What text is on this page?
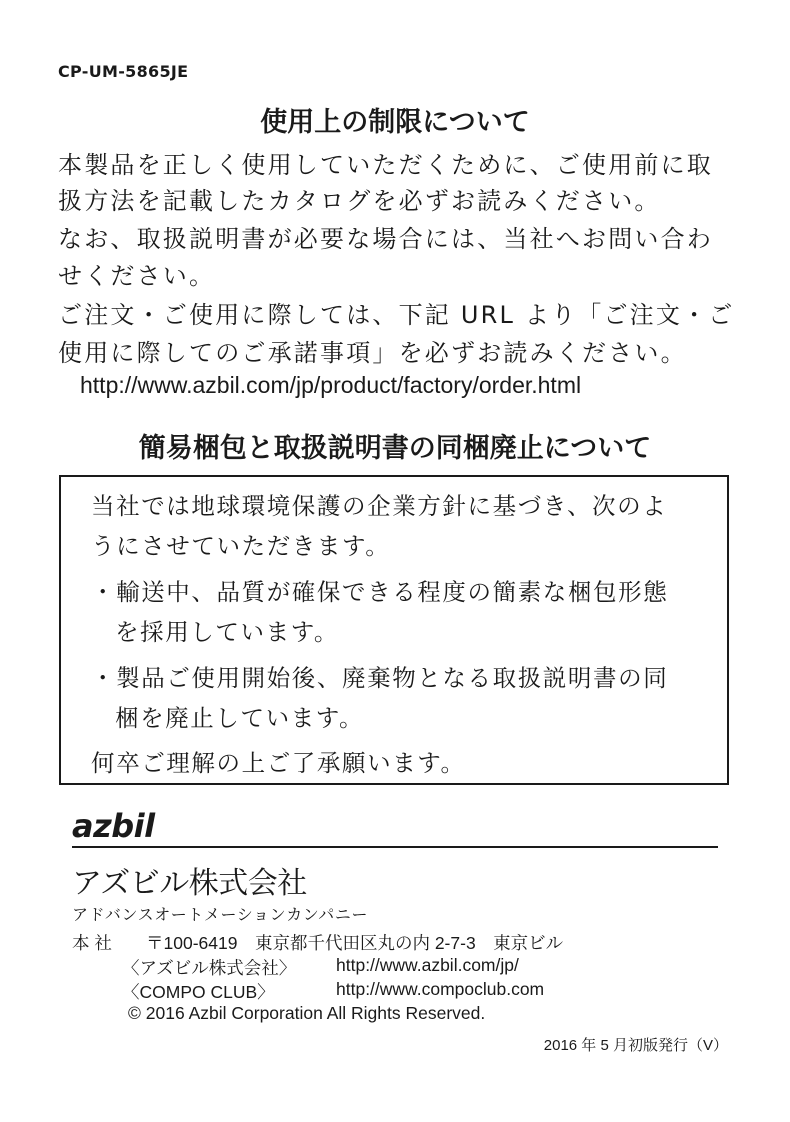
CP-UM-5865JE
使用上の制限について
本製品を正しく使用していただくために、ご使用前に取
扱方法を記載したカタログを必ずお読みください。
なお、取扱説明書が必要な場合には、当社へお問い合わ
せください。
ご注文・ご使用に際しては、下記 URL より「ご注文・ご
使用に際してのご承諾事項」を必ずお読みください。
http://www.azbil.com/jp/product/factory/order.html
簡易梱包と取扱説明書の同梱廃止について
当社では地球環境保護の企業方針に基づき、次のよ
うにさせていただきます。
・輸送中、品質が確保できる程度の簡素な梱包形態
を採用しています。
・製品ご使用開始後、廃棄物となる取扱説明書の同
梱を廃止しています。
何卒ご理解の上ご了承願います。
azbil
アズビル株式会社
アドバンスオートメーションカンパニー
本 社 〒100-6419　東京都千代田区丸の内 2-7-3　東京ビル
〈アズビル株式会社〉 http://www.azbil.com/jp/
〈COMPO CLUB〉	http://www.compoclub.com
© 2016 Azbil Corporation All Rights Reserved.
2016 年 5 月初版発行（V）
